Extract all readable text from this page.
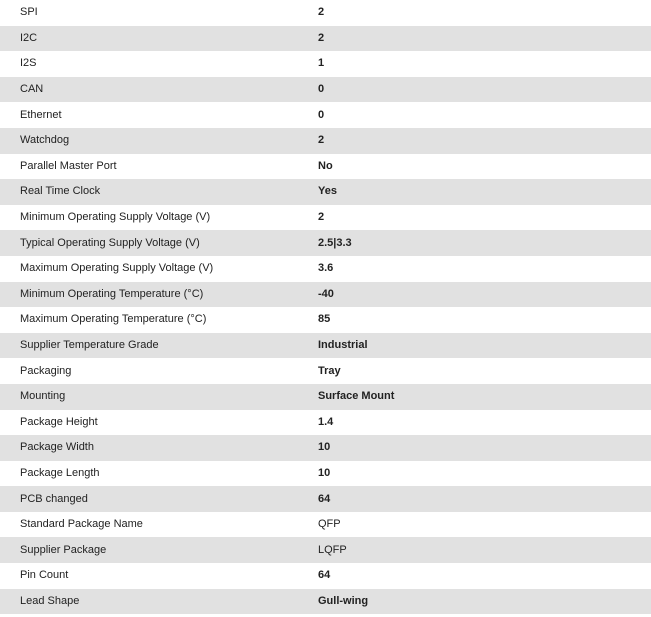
SPI	2
I2C	2
I2S	1
CAN	0
Ethernet	0
Watchdog	2
Parallel Master Port	No
Real Time Clock	Yes
Minimum Operating Supply Voltage (V)	2
Typical Operating Supply Voltage (V)	2.5|3.3
Maximum Operating Supply Voltage (V)	3.6
Minimum Operating Temperature (°C)	-40
Maximum Operating Temperature (°C)	85
Supplier Temperature Grade	Industrial
Packaging	Tray
Mounting	Surface Mount
Package Height	1.4
Package Width	10
Package Length	10
PCB changed	64
Standard Package Name	QFP
Supplier Package	LQFP
Pin Count	64
Lead Shape	Gull-wing
